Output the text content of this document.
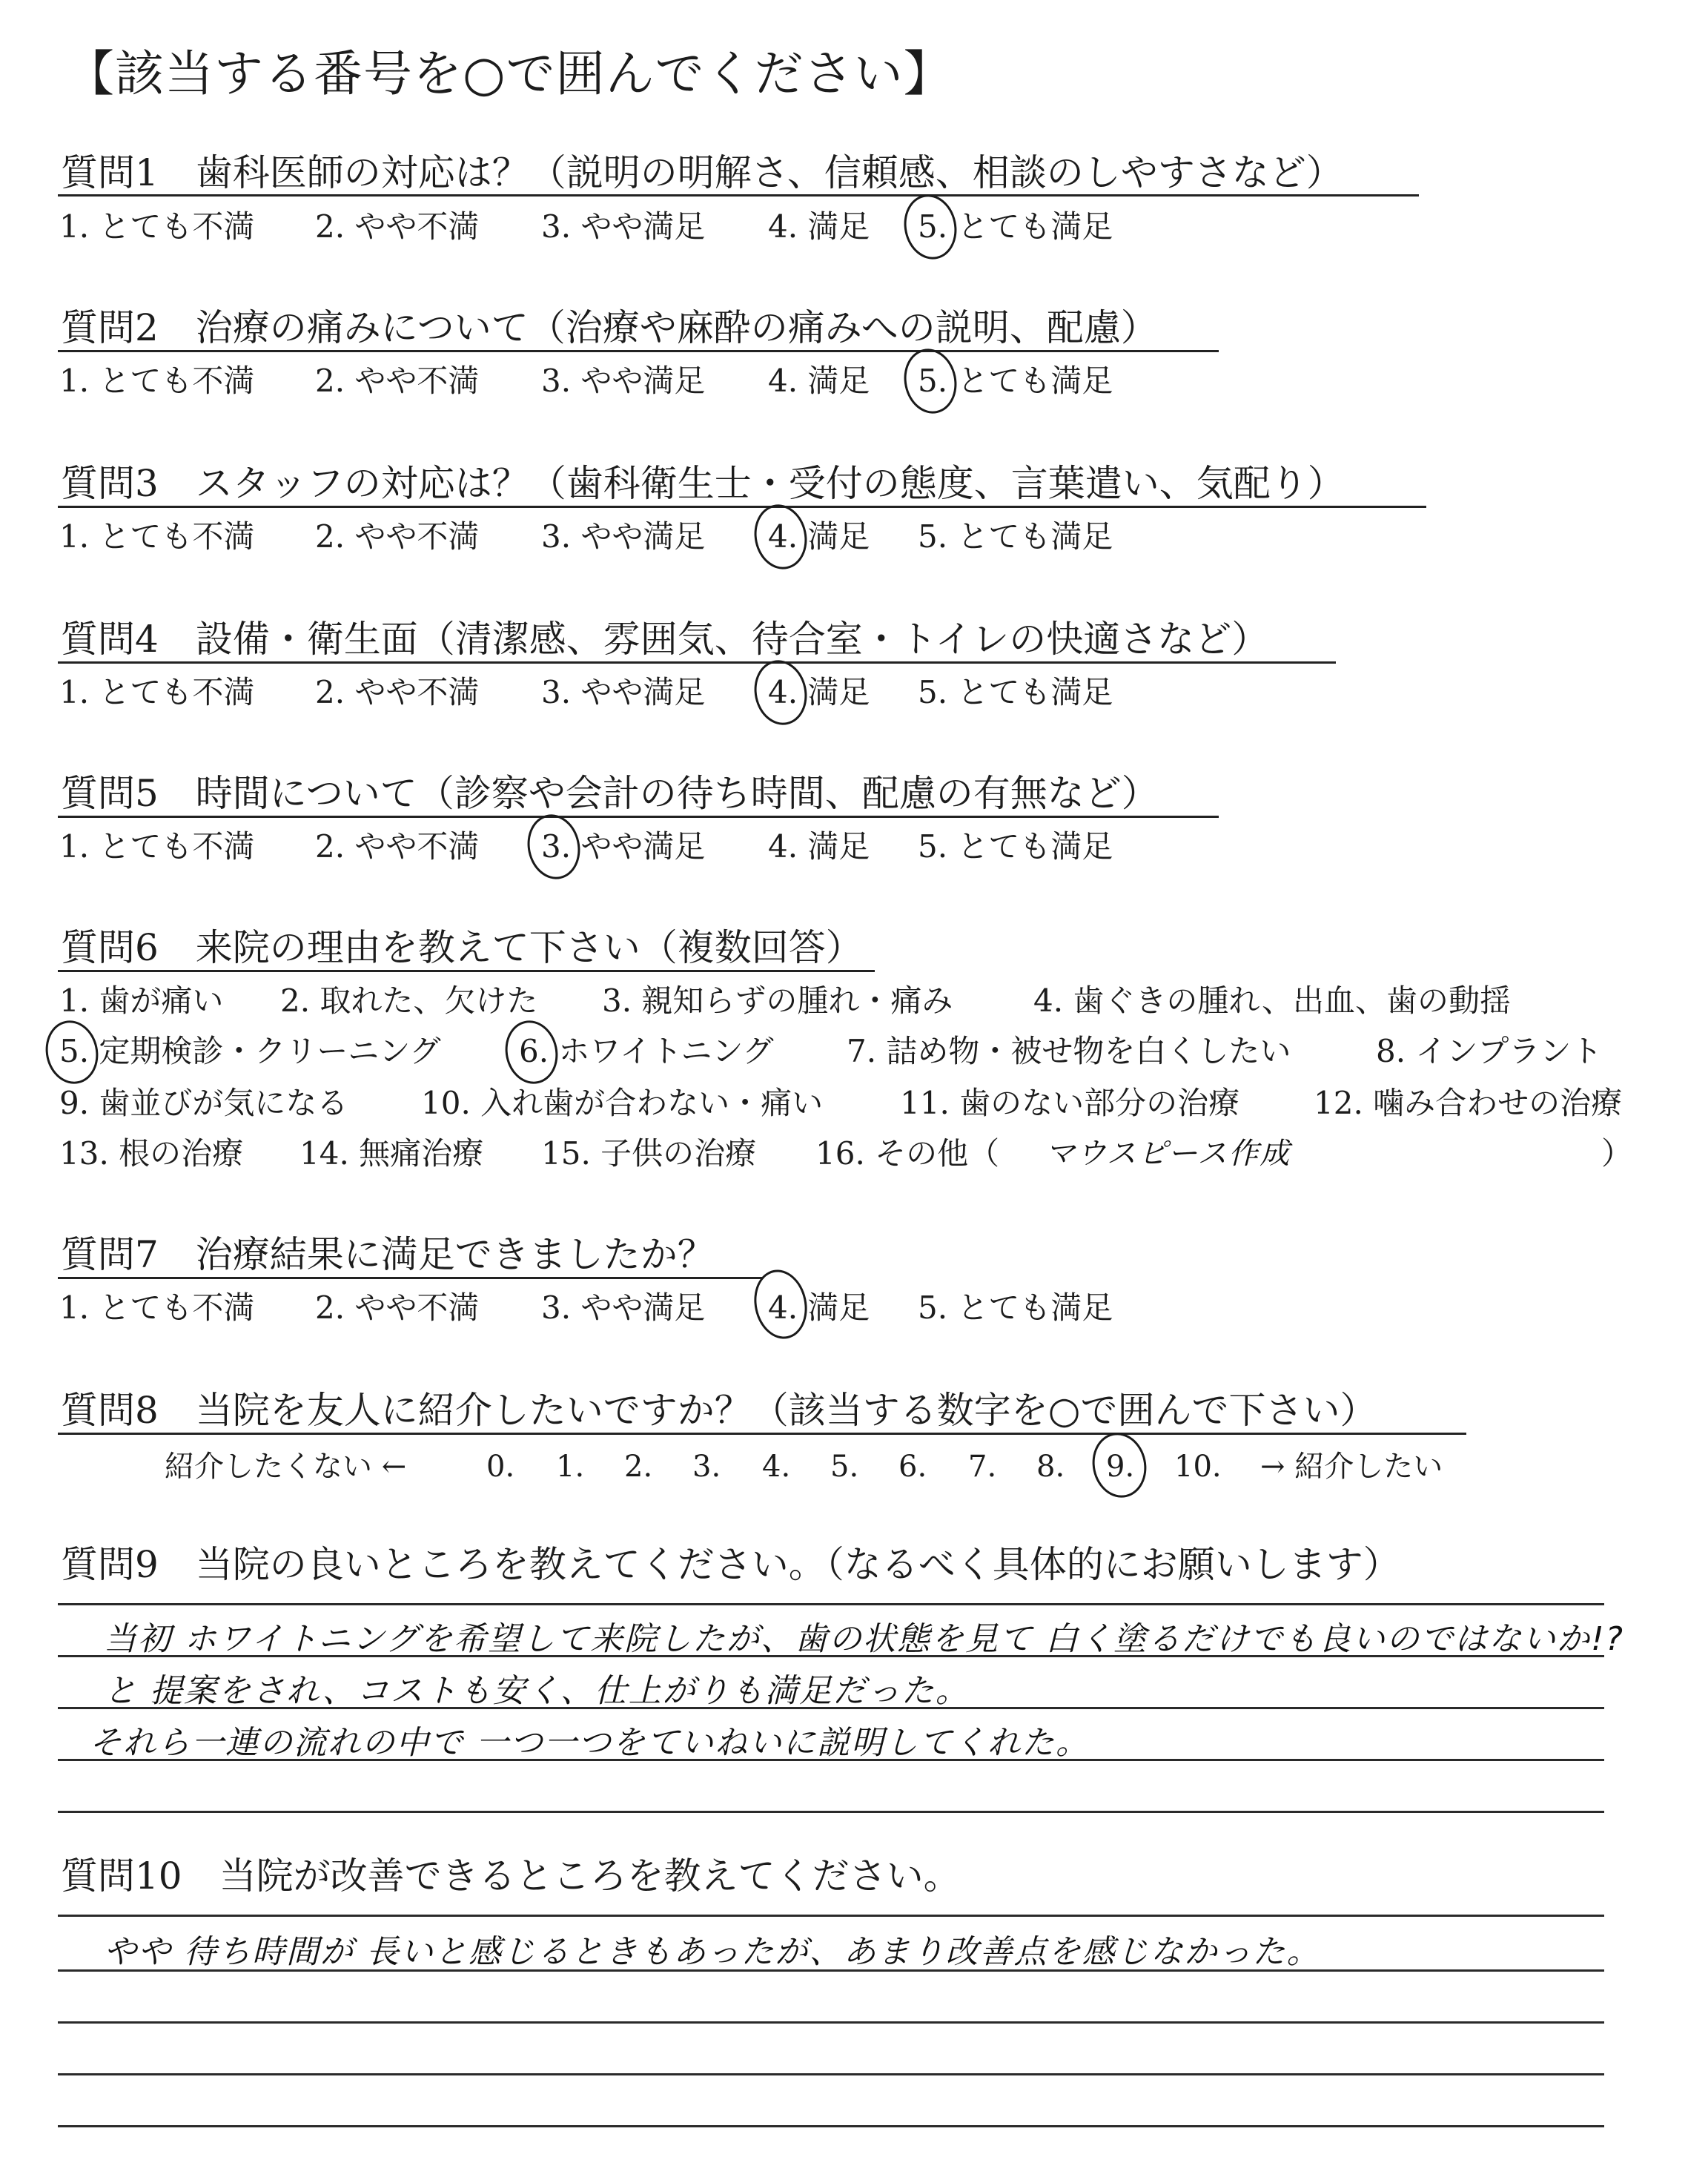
【該当する番号を○で囲んでください】
質問1　歯科医師の対応は？（説明の明解さ、信頼感、相談のしやすさなど）
1. とても不満 2. やや不満 3. やや満足 4. 満足 5. とても満足
質問2　治療の痛みについて（治療や麻酔の痛みへの説明、配慮）
1. とても不満 2. やや不満 3. やや満足 4. 満足 5. とても満足
質問3　スタッフの対応は？（歯科衛生士・受付の態度、言葉遣い、気配り）
1. とても不満 2. やや不満 3. やや満足 4. 満足 5. とても満足
質問4　設備・衛生面（清潔感、雰囲気、待合室・トイレの快適さなど）
1. とても不満 2. やや不満 3. やや満足 4. 満足 5. とても満足
質問5　時間について（診察や会計の待ち時間、配慮の有無など）
1. とても不満 2. やや不満 3. やや満足 4. 満足 5. とても満足
質問6　来院の理由を教えて下さい（複数回答）
1. 歯が痛い 2. 取れた、欠けた 3. 親知らずの腫れ・痛み	4. 歯ぐきの腫れ、出血、歯の動揺
5. 定期検診・クリーニング	6. ホワイトニング 7. 詰め物・被せ物を白くしたい	8. インプラント
9. 歯並びが気になる 10. 入れ歯が合わない・痛い 11. 歯のない部分の治療 12. 噛み合わせの治療
13. 根の治療 14. 無痛治療 15. 子供の治療 16. その他（	）
マウスピース作成
質問7　治療結果に満足できましたか？
1. とても不満 2. やや不満 3. やや満足 4. 満足 5. とても満足
質問8　当院を友人に紹介したいですか？（該当する数字を○で囲んで下さい）
紹介したくない ←	0. 1. 2. 3. 4. 5. 6. 7. 8. 9. 10. → 紹介したい
質問9　当院の良いところを教えてください。（なるべく具体的にお願いします）
当初 ホワイトニングを希望して来院したが、歯の状態を見て 白く塗るだけでも良いのではないか!?
と 提案をされ、コストも安く、仕上がりも満足だった。
それら一連の流れの中で 一つ一つをていねいに説明してくれた。
質問10　当院が改善できるところを教えてください。
やや 待ち時間が 長いと感じるときもあったが、あまり改善点を感じなかった。
